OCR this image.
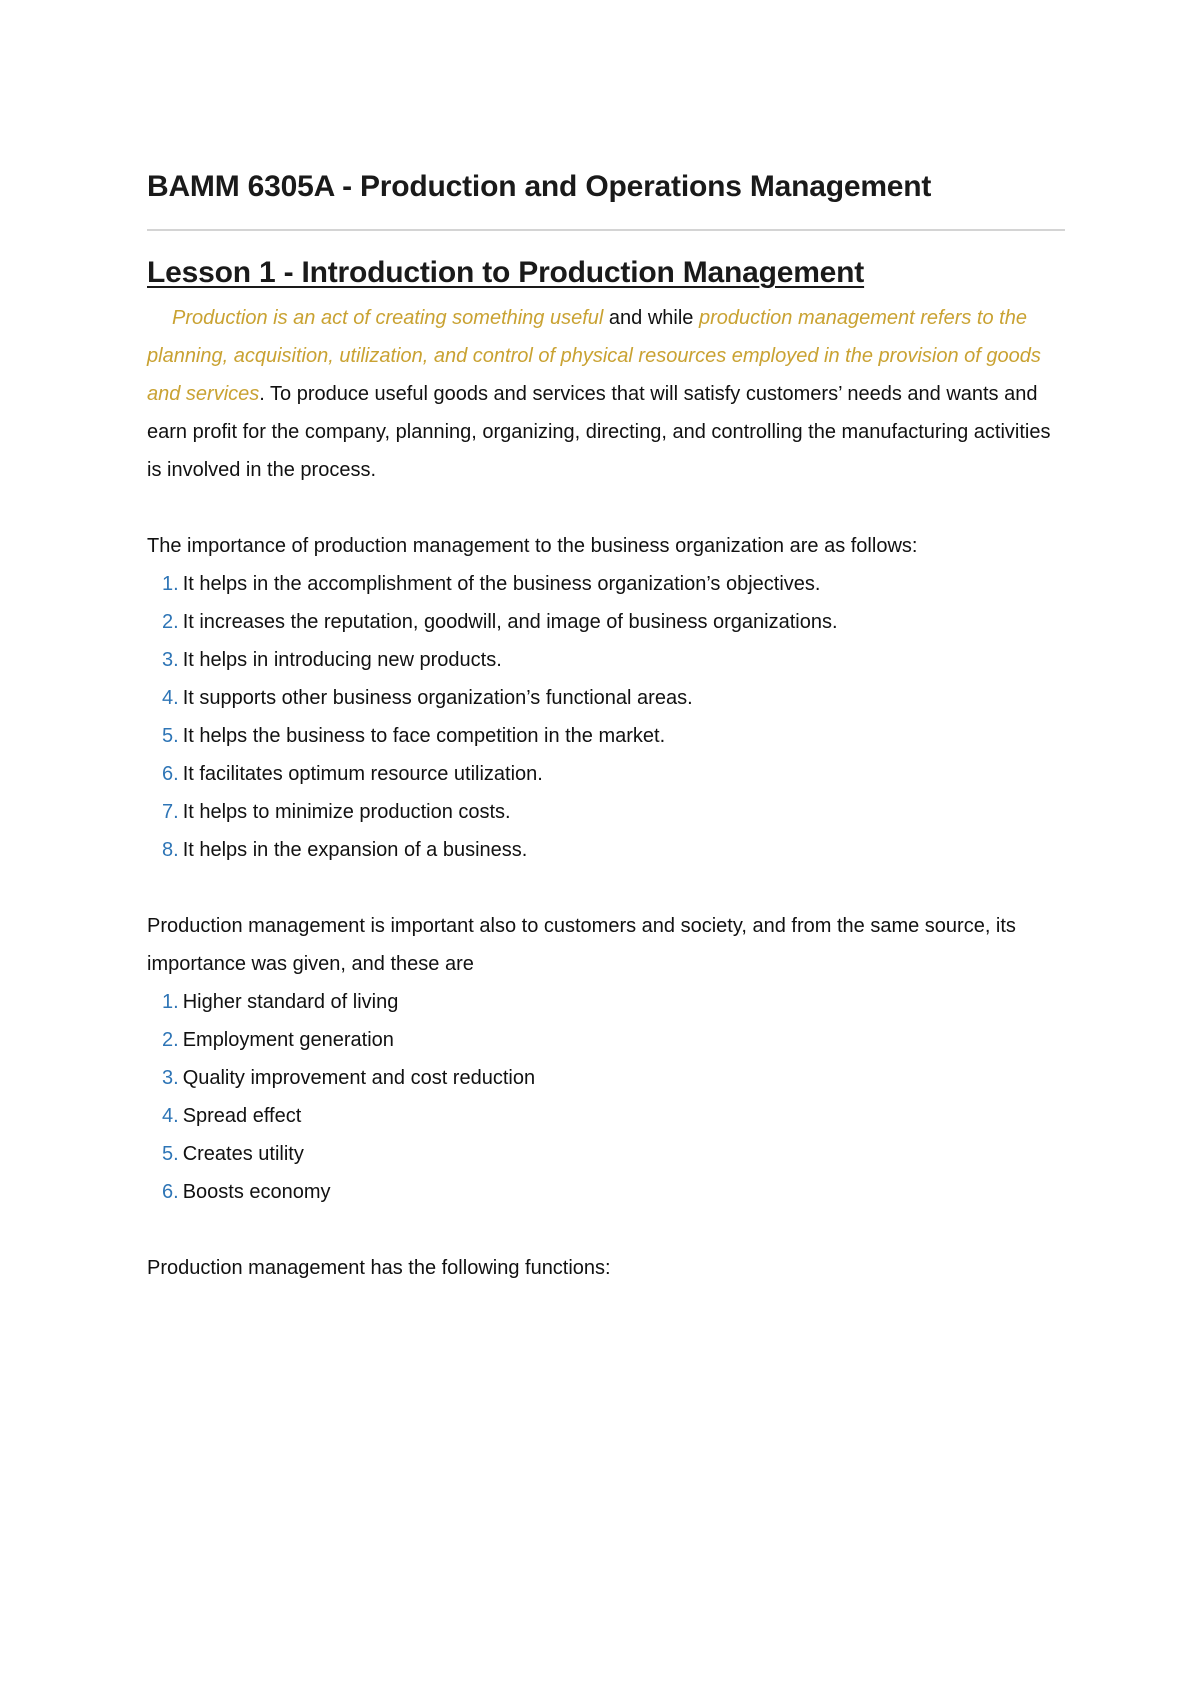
BAMM 6305A - Production and Operations Management
Lesson 1 - Introduction to Production Management

Production is an act of creating something useful and while production management refers to the planning, acquisition, utilization, and control of physical resources employed in the provision of goods and services. To produce useful goods and services that will satisfy customers’ needs and wants and earn profit for the company, planning, organizing, directing, and controlling the manufacturing activities is involved in the process.

The importance of production management to the business organization are as follows:

1. It helps in the accomplishment of the business organization’s objectives.
2. It increases the reputation, goodwill, and image of business organizations.
3. It helps in introducing new products.
4. It supports other business organization’s functional areas.
5. It helps the business to face competition in the market.
6. It facilitates optimum resource utilization.
7. It helps to minimize production costs.
8. It helps in the expansion of a business.

Production management is important also to customers and society, and from the same source, its importance was given, and these are

1. Higher standard of living
2. Employment generation
3. Quality improvement and cost reduction
4. Spread effect
5. Creates utility
6. Boosts economy

Production management has the following functions:
